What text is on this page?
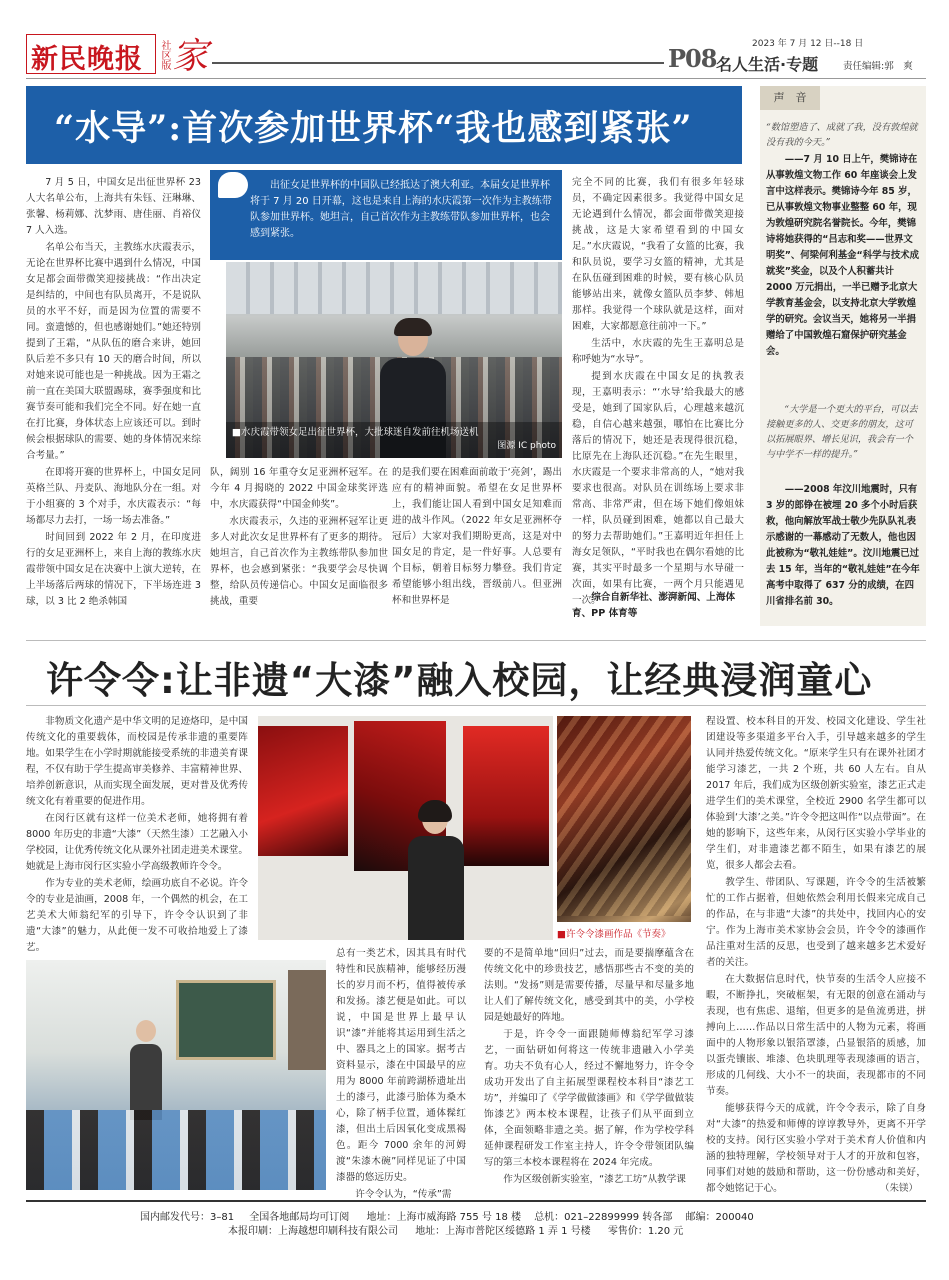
新民晚报 社区版 家	2023 年 7 月 12 日--18 日
P08 名人生活·专题	责任编辑:郭　爽
“水导”:首次参加世界杯“我也感到紧张”

7 月 5 日，中国女足出征世界杯 23 人大名单公布，上海共有朱钰、汪琳琳、张馨、杨莉娜、沈梦雨、唐佳丽、肖裕仪 7 人入选。

名单公布当天，主教练水庆霞表示，无论在世界杯比赛中遇到什么情况，中国女足都会面带微笑迎接挑战：“作出决定是纠结的，中间也有队员离开，不是说队员的水平不好，而是因为位置的需要不同。蛮遗憾的，但也感谢她们。”她还特别提到了王霜，“从队伍的磨合来讲，她回队后差不多只有 10 天的磨合时间，所以对她来说可能也是一种挑战。因为王霜之前一直在美国大联盟踢球，赛季强度和比赛节奏可能和我们完全不同。好在她一直在打比赛，身体状态上应该还可以。到时候会根据球队的需要、她的身体情况来综合考量。”

在即将开赛的世界杯上，中国女足同英格兰队、丹麦队、海地队分在一组。对于小组赛的 3 个对手，水庆霞表示：“每场都尽力去打，一场一场去准备。”

时间回到 2022 年 2 月，在印度进行的女足亚洲杯上，来自上海的教练水庆霞带领中国女足在决赛中上演大逆转，在上半场落后两球的情况下，下半场连进 3 球，以 3 比 2 绝杀韩国

出征女足世界杯的中国队已经抵达了澳大利亚。本届女足世界杯将于 7 月 20 日开幕，这也是来自上海的水庆霞第一次作为主教练带队参加世界杯。她坦言，自己首次作为主教练带队参加世界杯，也会感到紧张。
■水庆霞带领女足出征世界杯，大批球迷自发前往机场送机
图源 IC photo

队，阔别 16 年重夺女足亚洲杯冠军。在今年 4 月揭晓的 2022 中国金球奖评选中，水庆霞获得“中国金帅奖”。

水庆霞表示，久违的亚洲杯冠军让更多人对此次女足世界杯有了更多的期待。她坦言，自己首次作为主教练带队参加世界杯，也会感到紧张：“我要学会尽快调整，给队员传递信心。中国女足面临很多挑战，重要

的是我们要在困难面前敢于‘亮剑’，踢出应有的精神面貌。希望在女足世界杯上，我们能让国人看到中国女足知难而进的战斗作风。（2022 年女足亚洲杯夺冠后）大家对我们期盼更高，这是对中国女足的肯定，是一件好事。人总要有个目标，朝着目标努力攀登。我们肯定希望能够小组出线，晋级前八。但亚洲杯和世界杯是

完全不同的比赛，我们有很多年轻球员，不确定因素很多。我觉得中国女足无论遇到什么情况，都会面带微笑迎接挑战，这是大家希望看到的中国女足。”水庆霞说，“我看了女篮的比赛，我和队员说，要学习女篮的精神，尤其是在队伍碰到困难的时候，要有核心队员能够站出来，就像女篮队员李梦、韩旭那样。我觉得一个球队就是这样，面对困难，大家都愿意往前冲一下。”

生活中，水庆霞的先生王嘉明总是称呼她为“水导”。

提到水庆霞在中国女足的执教表现，王嘉明表示：“‘水导’给我最大的感受是，她到了国家队后，心理越来越沉稳，自信心越来越强，哪怕在比赛比分落后的情况下，她还是表现得很沉稳，比原先在上海队还沉稳。”在先生眼里，水庆霞是一个要求非常高的人，“她对我要求也很高。对队员在训练场上要求非常高、非常严肃，但在场下她们像姐妹一样，队员碰到困难，她都以自己最大的努力去帮助她们。”王嘉明近年担任上海女足领队，“平时我也在偶尔看她的比赛，其实平时最多一个星期与水导碰一次面，如果有比赛，一两个月只能遇见一次。”

综合自新华社、澎湃新闻、上海体育、PP 体育等
声　音
“数馆塑造了、成就了我，没有敦煌就没有我的今天。”
——7 月 10 日上午，樊锦诗在从事敦煌文物工作 60 年座谈会上发言中这样表示。樊锦诗今年 85 岁，已从事敦煌文物事业整整 60 年，现为敦煌研究院名誉院长。今年，樊锦诗将她获得的“吕志和奖——世界文明奖”、何梁何利基金“科学与技术成就奖”奖金，以及个人积蓄共计 2000 万元捐出，一半已赠予北京大学教育基金会，以支持北京大学敦煌学的研究。会议当天，她将另一半捐赠给了中国敦煌石窟保护研究基金会。
“大学是一个更大的平台，可以去接触更多的人、交更多的朋友，这可以拓展眼界、增长见识，我会有一个与中学不一样的提升。”
——2008 年汶川地震时，只有 3 岁的郎铮在被埋 20 多个小时后获救，他向解放军战士敬少先队队礼表示感谢的一幕感动了无数人，他也因此被称为“敬礼娃娃”。汶川地震已过去 15 年，当年的“敬礼娃娃”在今年高考中取得了 637 分的成绩，在四川省排名前 30。
许令令:让非遗“大漆”融入校园，让经典浸润童心

非物质文化遗产是中华文明的足迹烙印，是中国传统文化的重要载体，而校园是传承非遗的重要阵地。如果学生在小学时期就能接受系统的非遗美育课程，不仅有助于学生提高审美修养、丰富精神世界、培养创新意识，从而实现全面发展，更对普及优秀传统文化有着重要的促进作用。

在闵行区就有这样一位美术老师，她将拥有着 8000 年历史的非遗“大漆”（天然生漆）工艺融入小学校园，让优秀传统文化从课外社团走进美术课堂。她就是上海市闵行区实验小学高级教师许令令。

作为专业的美术老师，绘画功底自不必说。许令令的专业是油画，2008 年，一个偶然的机会，在工艺美术大师翁纪军的引导下，许令令认识到了非遗“大漆”的魅力，从此便一发不可收拾地爱上了漆艺。

■许令令漆画作品《节奏》

总有一类艺术，因其具有时代特性和民族精神，能够经历漫长的岁月而不朽，值得被传承和发扬。漆艺便是如此。可以说，中国是世界上最早认识“漆”并能将其运用到生活之中、器具之上的国家。据考古资料显示，漆在中国最早的应用为 8000 年前跨湖桥遗址出土的漆弓，此漆弓胎体为桑木心，除了柄手位置，通体髹红漆，但出土后因氧化变成黑褐色。距今 7000 余年的河姆渡“朱漆木碗”同样见证了中国漆器的悠远历史。

许令令认为，“传承”需

要的不是简单地“回归”过去，而是要揣摩蕴含在传统文化中的珍贵技艺，感悟那些古不变的美的法则。“发扬”则是需要传播，尽量早和尽量多地让人们了解传统文化，感受到其中的美，小学校园是她最好的阵地。

于是，许令令一面跟随师傅翁纪军学习漆艺，一面钻研如何将这一传统非遗融入小学美育。功夫不负有心人，经过不懈地努力，许令令成功开发出了自主拓展型课程校本科目“漆艺工坊”，并编印了《学学做做漆画》和《学学做做装饰漆艺》两本校本课程，让孩子们从平面到立体，全面领略非遗之美。据了解，作为学校学科延伸课程研发工作室主持人，许令令带领团队编写的第三本校本课程将在 2024 年完成。

作为区级创新实验室，“漆艺工坊”从教学课

程设置、校本科目的开发、校园文化建设、学生社团建设等多渠道多平台入手，引导越来越多的学生认同并热爱传统文化。“原来学生只有在课外社团才能学习漆艺，一共 2 个班，共 60 人左右。自从 2017 年后，我们成为区级创新实验室，漆艺正式走进学生们的美术课堂，全校近 2900 名学生都可以体验到‘大漆’之美。”许令令把这叫作“以点带面”。在她的影响下，这些年来，从闵行区实验小学毕业的学生们，对非遗漆艺都不陌生，如果有漆艺的展览，很多人都会去看。

教学生、带团队、写课题，许令令的生活被繁忙的工作占据着，但她依然会利用长假来完成自己的作品，在与非遗“大漆”的共处中，找回内心的安宁。作为上海市美术家协会会员，许令令的漆画作品注重对生活的反思，也受到了越来越多艺术爱好者的关注。

在大数据信息时代，快节奏的生活令人应接不暇，不断挣扎，突破框架，有无限的创意在涌动与表现，也有焦虑、退缩，但更多的是鱼流勇进，拼搏向上……作品以日常生活中的人物为元素，将画面中的人物形象以银箔罩漆，凸显银箔的质感，加以蛋壳镶嵌、堆漆、色块肌理等表现漆画的语言，形成的几何线、大小不一的块面，表现都市的不同节奏。

能够获得今天的成就，许令令表示，除了自身对“大漆”的热爱和师傅的谆谆教导外，更离不开学校的支持。闵行区实验小学对于美术育人价值和内涵的独特理解，学校领导对于人才的开放和包容，同事们对她的鼓励和帮助，这一份份感动和美好，都令她铭记于心。	（朱镁）
国内邮发代号：3–81 全国各地邮局均可订阅 地址：上海市威海路 755 号 18 楼 总机：021–22899999 转各部 邮编：200040
本报印刷：上海越想印刷科技有限公司 地址：上海市普陀区绥德路 1 弄 1 号楼 零售价：1.20 元
